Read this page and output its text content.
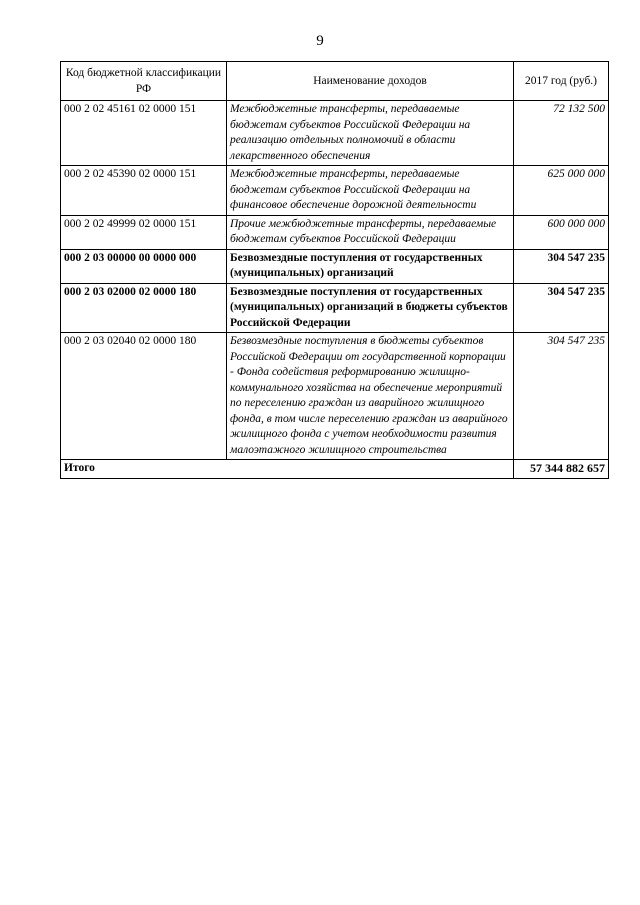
9
Код бюджетной классификации РФ	Наименование доходов	2017 год (руб.)
000 2 02 45161 02 0000 151	Межбюджетные трансферты, передаваемые бюджетам субъектов Российской Федерации на реализацию отдельных полномочий в области лекарственного обеспечения	72 132 500
000 2 02 45390 02 0000 151	Межбюджетные трансферты, передаваемые бюджетам субъектов Российской Федерации на финансовое обеспечение дорожной деятельности	625 000 000
000 2 02 49999 02 0000 151	Прочие межбюджетные трансферты, передаваемые бюджетам субъектов Российской Федерации	600 000 000
000 2 03 00000 00 0000 000	Безвозмездные поступления от государственных (муниципальных) организаций	304 547 235
000 2 03 02000 02 0000 180	Безвозмездные поступления от государственных (муниципальных) организаций в бюджеты субъектов Российской Федерации	304 547 235
000 2 03 02040 02 0000 180	Безвозмездные поступления в бюджеты субъектов Российской Федерации от государственной корпорации - Фонда содействия реформированию жилищно-коммунального хозяйства на обеспечение мероприятий по переселению граждан из аварийного жилищного фонда, в том числе переселению граждан из аварийного жилищного фонда с учетом необходимости развития малоэтажного жилищного строительства	304 547 235
Итого		57 344 882 657
